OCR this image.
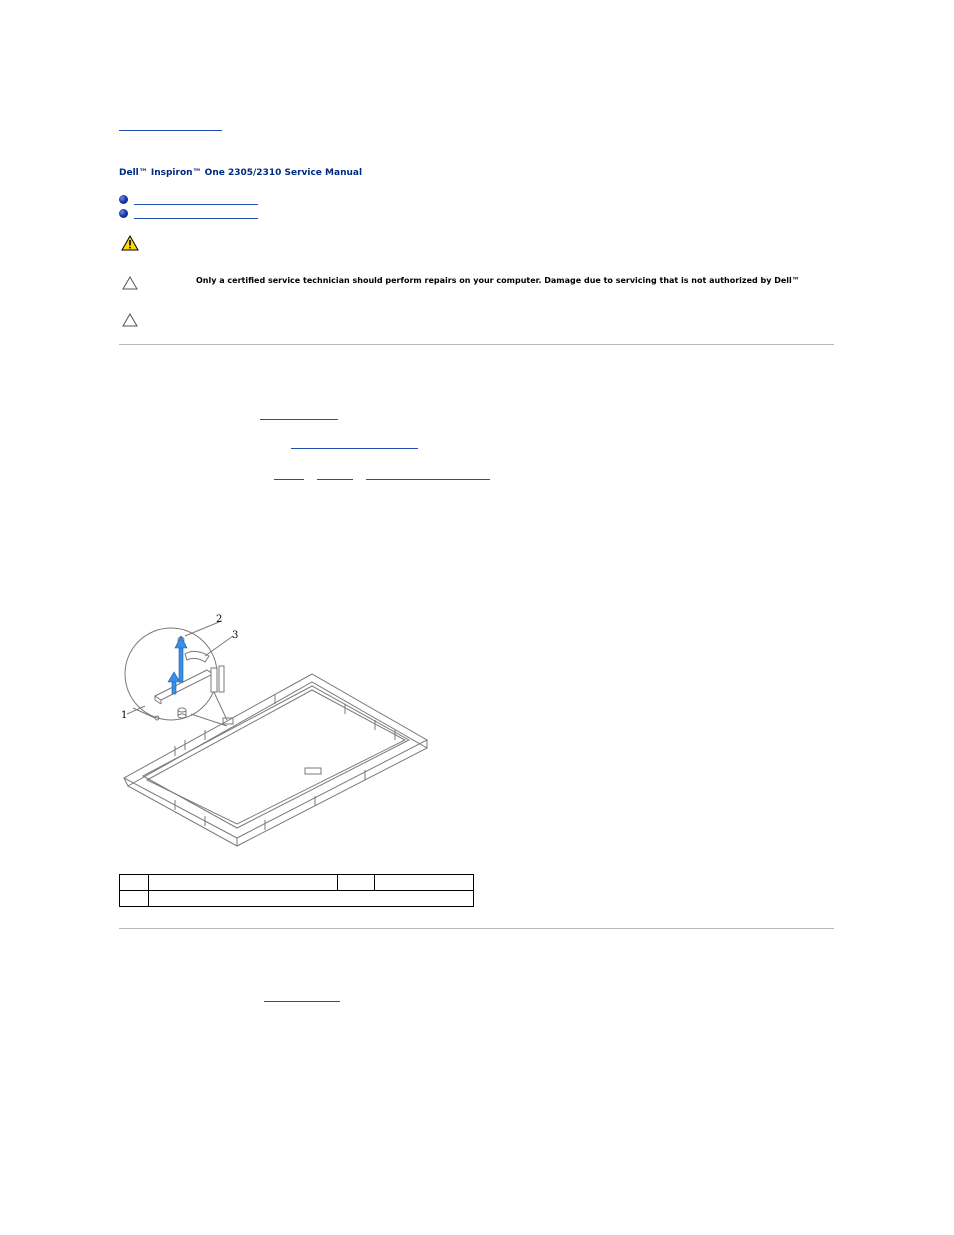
Dell™ Inspiron™ One 2305/2310 Service Manual
Only a certified service technician should perform repairs on your computer. Damage due to servicing that is not authorized by Dell™
1
2
3
